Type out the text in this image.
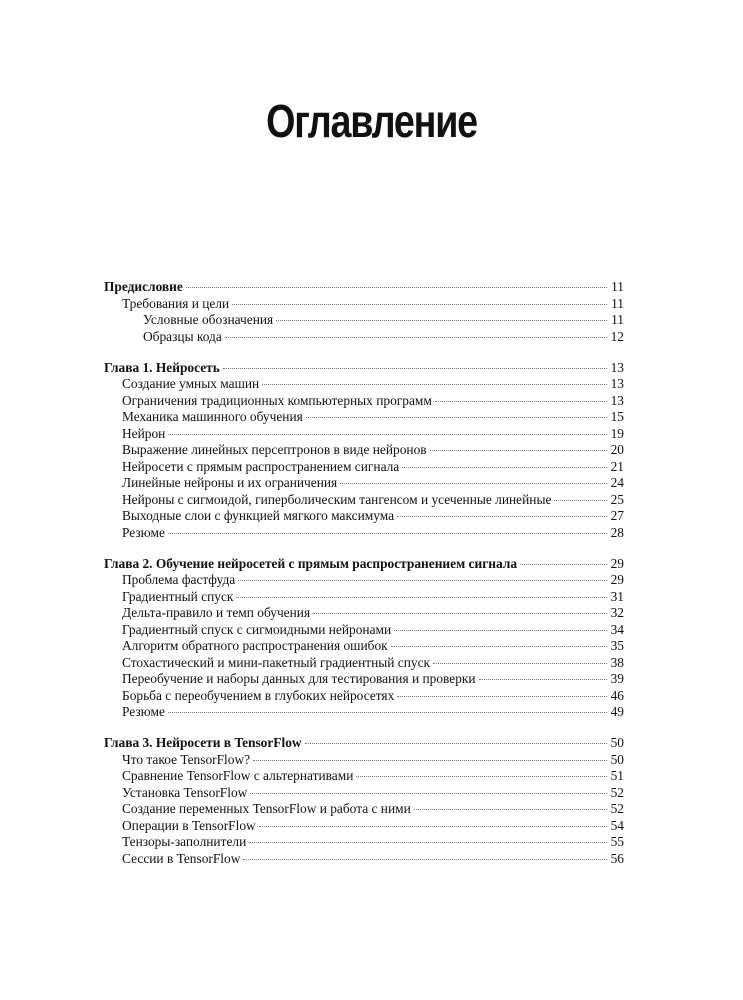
Оглавление
Предисловие	11
Требования и цели	11
Условные обозначения	11
Образцы кода	12
Глава 1. Нейросеть	13
Создание умных машин	13
Ограничения традиционных компьютерных программ	13
Механика машинного обучения	15
Нейрон	19
Выражение линейных персептронов в виде нейронов	20
Нейросети с прямым распространением сигнала	21
Линейные нейроны и их ограничения	24
Нейроны с сигмоидой, гиперболическим тангенсом и усеченные линейные	25
Выходные слои с функцией мягкого максимума	27
Резюме	28
Глава 2. Обучение нейросетей с прямым распространением сигнала	29
Проблема фастфуда	29
Градиентный спуск	31
Дельта-правило и темп обучения	32
Градиентный спуск с сигмоидными нейронами	34
Алгоритм обратного распространения ошибок	35
Стохастический и мини-пакетный градиентный спуск	38
Переобучение и наборы данных для тестирования и проверки	39
Борьба с переобучением в глубоких нейросетях	46
Резюме	49
Глава 3. Нейросети в TensorFlow	50
Что такое TensorFlow?	50
Сравнение TensorFlow с альтернативами	51
Установка TensorFlow	52
Создание переменных TensorFlow и работа с ними	52
Операции в TensorFlow	54
Тензоры-заполнители	55
Сессии в TensorFlow	56
